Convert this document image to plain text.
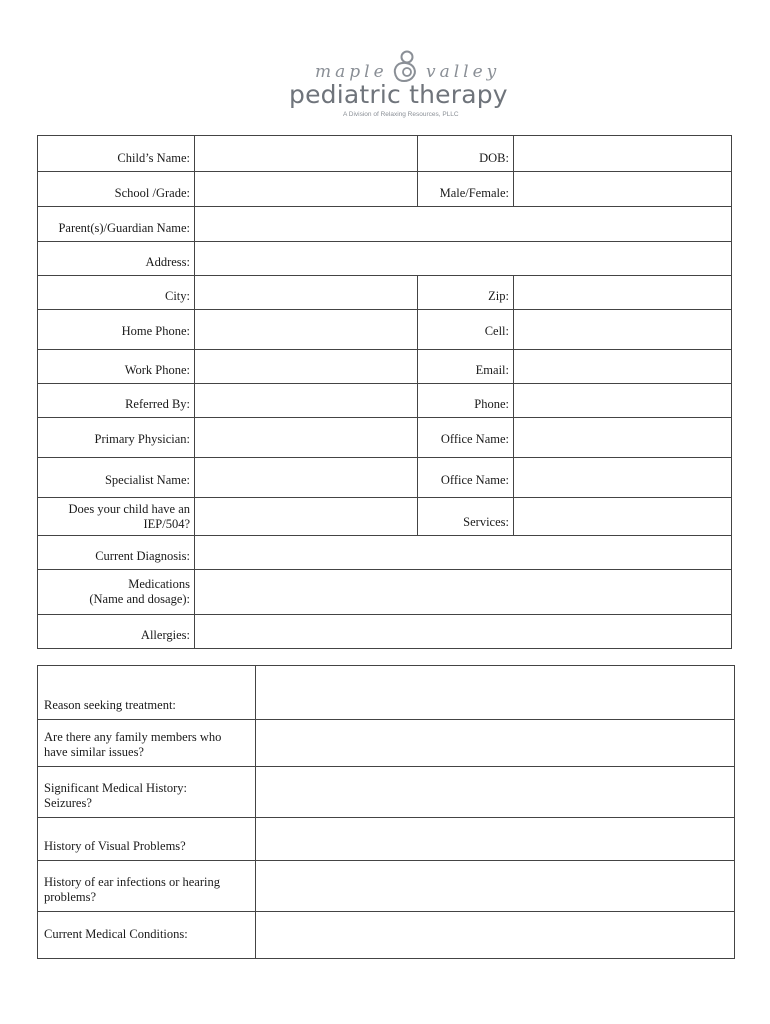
maple valley
pediatric therapy
A Division of Relaxing Resources, PLLC
Child’s Name:		DOB:	
School /Grade:		Male/Female:	
Parent(s)/Guardian Name:			
Address:			
City:		Zip:	
Home Phone:		Cell:	
Work Phone:		Email:	
Referred By:		Phone:	
Primary Physician:		Office Name:	
Specialist Name:		Office Name:	

Does your child have an
IEP/504?		Services:	
Current Diagnosis:			

Medications
(Name and dosage):			

Allergies:			
Reason seeking treatment:	

Are there any family members who
have similar issues?	

Significant Medical History:
Seizures?	

History of Visual Problems?	

History of ear infections or hearing
problems?	

Current Medical Conditions:	
